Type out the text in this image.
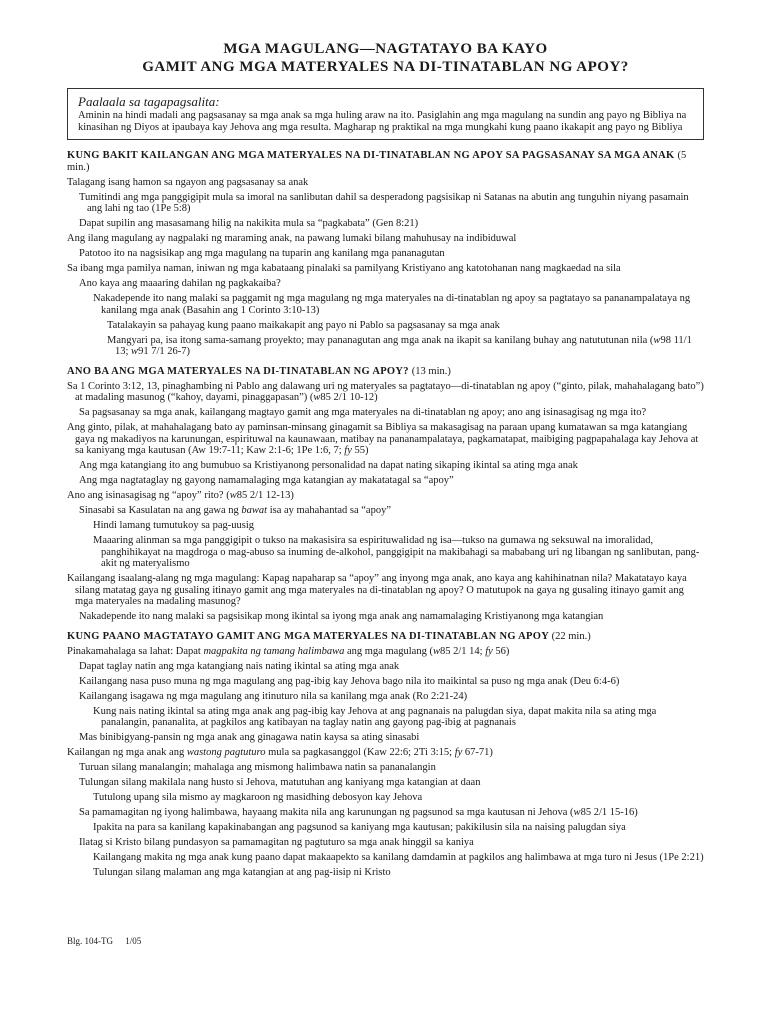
MGA MAGULANG—NAGTATAYO BA KAYO
GAMIT ANG MGA MATERYALES NA DI-TINATABLAN NG APOY?
Paalaala sa tagapagsalita:
Aminin na hindi madali ang pagsasanay sa mga anak sa mga huling araw na ito. Pasiglahin ang mga magulang na sundin ang payo ng Bibliya na kinasihan ng Diyos at ipaubaya kay Jehova ang mga resulta. Magharap ng praktikal na mga mungkahi kung paano ikakapit ang payo ng Bibliya
KUNG BAKIT KAILANGAN ANG MGA MATERYALES NA DI-TINATABLAN NG APOY SA PAGSASANAY SA MGA ANAK (5 min.)
Talagang isang hamon sa ngayon ang pagsasanay sa anak
Tumitindi ang mga panggigipit mula sa imoral na sanlibutan dahil sa desperadong pagsisikap ni Satanas na abutin ang tunguhin niyang pasamain ang lahi ng tao (1Pe 5:8)
Dapat supilin ang masasamang hilig na nakikita mula sa “pagkabata” (Gen 8:21)
Ang ilang magulang ay nagpalaki ng maraming anak, na pawang lumaki bilang mahuhusay na indibiduwal
Patotoo ito na nagsisikap ang mga magulang na tuparin ang kanilang mga pananagutan
Sa ibang mga pamilya naman, iniwan ng mga kabataang pinalaki sa pamilyang Kristiyano ang katotohanan nang magkaedad na sila
Ano kaya ang maaaring dahilan ng pagkakaiba?
Nakadepende ito nang malaki sa paggamit ng mga magulang ng mga materyales na di-tinatablan ng apoy sa pagtatayo sa pananampalataya ng kanilang mga anak (Basahin ang 1 Corinto 3:10-13)
Tatalakayin sa pahayag kung paano maikakapit ang payo ni Pablo sa pagsasanay sa mga anak
Mangyari pa, isa itong sama-samang proyekto; may pananagutan ang mga anak na ikapit sa kanilang buhay ang natututunan nila (w98 11/1 13; w91 7/1 26-7)
ANO BA ANG MGA MATERYALES NA DI-TINATABLAN NG APOY? (13 min.)
Sa 1 Corinto 3:12, 13, pinaghambing ni Pablo ang dalawang uri ng materyales sa pagtatayo—di-tinatablan ng apoy (“ginto, pilak, mahahalagang bato”) at madaling masunog (“kahoy, dayami, pinaggapasan”) (w85 2/1 10-12)
Sa pagsasanay sa mga anak, kailangang magtayo gamit ang mga materyales na di-tinatablan ng apoy; ano ang isinasagisag ng mga ito?
Ang ginto, pilak, at mahahalagang bato ay paminsan-minsang ginagamit sa Bibliya sa makasagisag na paraan upang kumatawan sa mga katangiang gaya ng makadiyos na karunungan, espirituwal na kaunawaan, matibay na pananampalataya, pagkamatapat, maibiging pagpapahalaga kay Jehova at sa kaniyang mga kautusan (Aw 19:7-11; Kaw 2:1-6; 1Pe 1:6, 7; fy 55)
Ang mga katangiang ito ang bumubuo sa Kristiyanong personalidad na dapat nating sikaping ikintal sa ating mga anak
Ang mga nagtataglay ng gayong namamalaging mga katangian ay makatatagal sa “apoy”
Ano ang isinasagisag ng “apoy” rito? (w85 2/1 12-13)
Sinasabi sa Kasulatan na ang gawa ng bawat isa ay mahahantad sa “apoy”
Hindi lamang tumutukoy sa pag-uusig
Maaaring alinman sa mga panggigipit o tukso na makasisira sa espirituwalidad ng isa—tukso na gumawa ng seksuwal na imoralidad, panghihikayat na magdroga o mag-abuso sa inuming de-alkohol, panggigipit na makibahagi sa mababang uri ng libangan ng sanlibutan, pang-akit ng materyalismo
Kailangang isaalang-alang ng mga magulang: Kapag napaharap sa “apoy” ang inyong mga anak, ano kaya ang kahihinatnan nila? Makatatayo kaya silang matatag gaya ng gusaling itinayo gamit ang mga materyales na di-tinatablan ng apoy? O matutupok na gaya ng gusaling itinayo gamit ang mga materyales na madaling masunog?
Nakadepende ito nang malaki sa pagsisikap mong ikintal sa iyong mga anak ang namamalaging Kristiyanong mga katangian
KUNG PAANO MAGTATAYO GAMIT ANG MGA MATERYALES NA DI-TINATABLAN NG APOY (22 min.)
Pinakamahalaga sa lahat: Dapat magpakita ng tamang halimbawa ang mga magulang (w85 2/1 14; fy 56)
Dapat taglay natin ang mga katangiang nais nating ikintal sa ating mga anak
Kailangang nasa puso muna ng mga magulang ang pag-ibig kay Jehova bago nila ito maikintal sa puso ng mga anak (Deu 6:4-6)
Kailangang isagawa ng mga magulang ang itinuturo nila sa kanilang mga anak (Ro 2:21-24)
Kung nais nating ikintal sa ating mga anak ang pag-ibig kay Jehova at ang pagnanais na palugdan siya, dapat makita nila sa ating mga panalangin, pananalita, at pagkilos ang katibayan na taglay natin ang gayong pag-ibig at pagnanais
Mas binibigyang-pansin ng mga anak ang ginagawa natin kaysa sa ating sinasabi
Kailangan ng mga anak ang wastong pagtuturo mula sa pagkasanggol (Kaw 22:6; 2Ti 3:15; fy 67-71)
Turuan silang manalangin; mahalaga ang mismong halimbawa natin sa pananalangin
Tulungan silang makilala nang husto si Jehova, matutuhan ang kaniyang mga katangian at daan
Tutulong upang sila mismo ay magkaroon ng masidhing debosyon kay Jehova
Sa pamamagitan ng iyong halimbawa, hayaang makita nila ang karunungan ng pagsunod sa mga kautusan ni Jehova (w85 2/1 15-16)
Ipakita na para sa kanilang kapakinabangan ang pagsunod sa kaniyang mga kautusan; pakikilusin sila na naising palugdan siya
Ilatag si Kristo bilang pundasyon sa pamamagitan ng pagtuturo sa mga anak hinggil sa kaniya
Kailangang makita ng mga anak kung paano dapat makaapekto sa kanilang damdamin at pagkilos ang halimbawa at mga turo ni Jesus (1Pe 2:21)
Tulungan silang malaman ang mga katangian at ang pag-iisip ni Kristo
Blg. 104-TG 1/05
